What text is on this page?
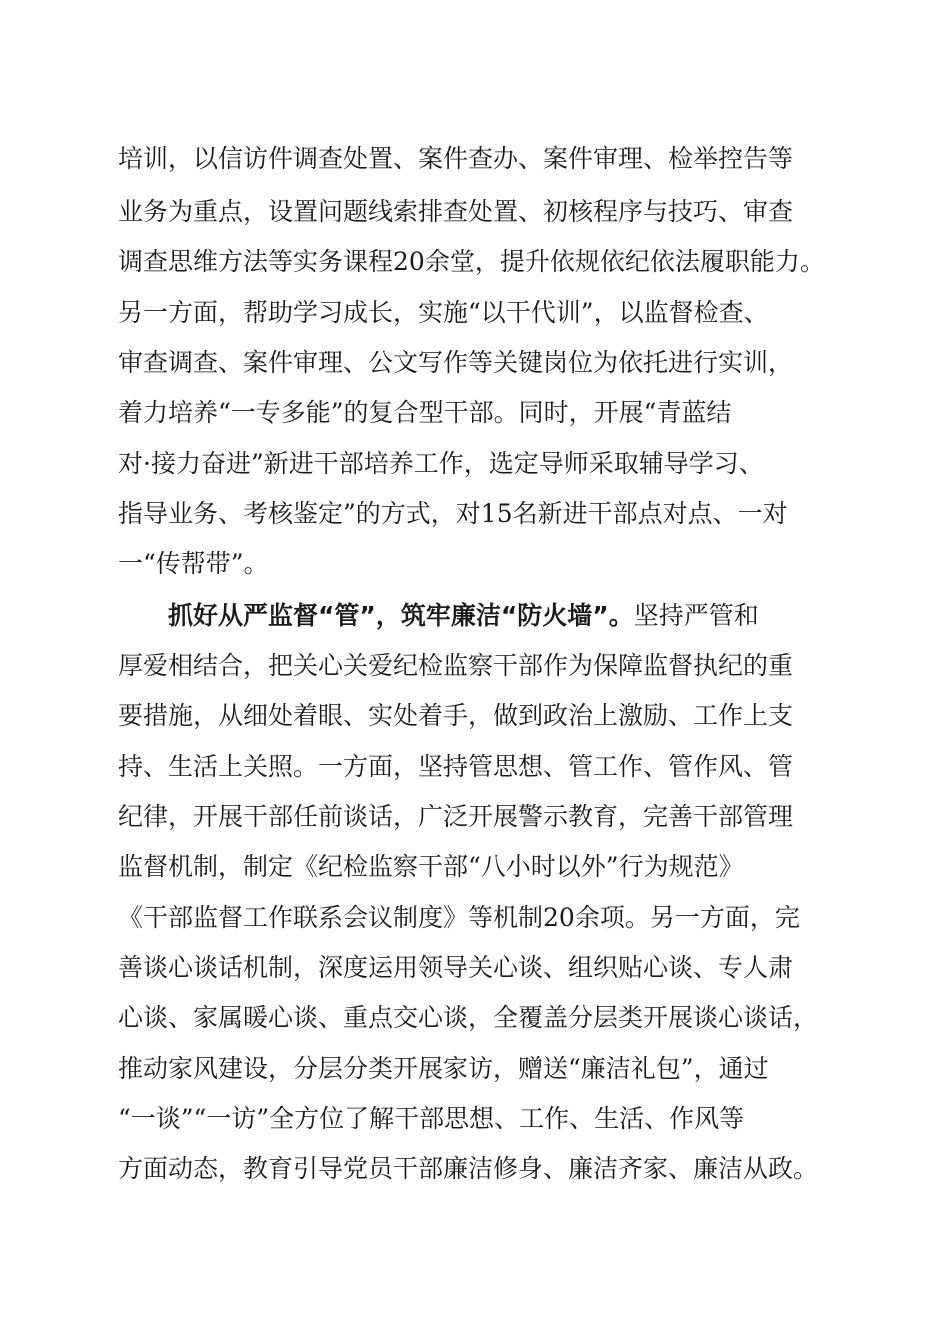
培训，以信访件调查处置、案件查办、案件审理、检举控告等
业务为重点，设置问题线索排查处置、初核程序与技巧、审查
调查思维方法等实务课程20余堂，提升依规依纪依法履职能力。
另一方面，帮助学习成长，实施“以干代训”，以监督检查、
审查调查、案件审理、公文写作等关键岗位为依托进行实训，
着力培养“一专多能”的复合型干部。同时，开展“青蓝结
对·接力奋进”新进干部培养工作，选定导师采取辅导学习、
指导业务、考核鉴定”的方式，对15名新进干部点对点、一对
一“传帮带”。
抓好从严监督“管”，筑牢廉洁“防火墙”。坚持严管和
厚爱相结合，把关心关爱纪检监察干部作为保障监督执纪的重
要措施，从细处着眼、实处着手，做到政治上激励、工作上支
持、生活上关照。一方面，坚持管思想、管工作、管作风、管
纪律，开展干部任前谈话，广泛开展警示教育，完善干部管理
监督机制，制定《纪检监察干部“八小时以外”行为规范》
《干部监督工作联系会议制度》等机制20余项。另一方面，完
善谈心谈话机制，深度运用领导关心谈、组织贴心谈、专人肃
心谈、家属暖心谈、重点交心谈，全覆盖分层类开展谈心谈话，
推动家风建设，分层分类开展家访，赠送“廉洁礼包”，通过
“一谈”“一访”全方位了解干部思想、工作、生活、作风等
方面动态，教育引导党员干部廉洁修身、廉洁齐家、廉洁从政。
